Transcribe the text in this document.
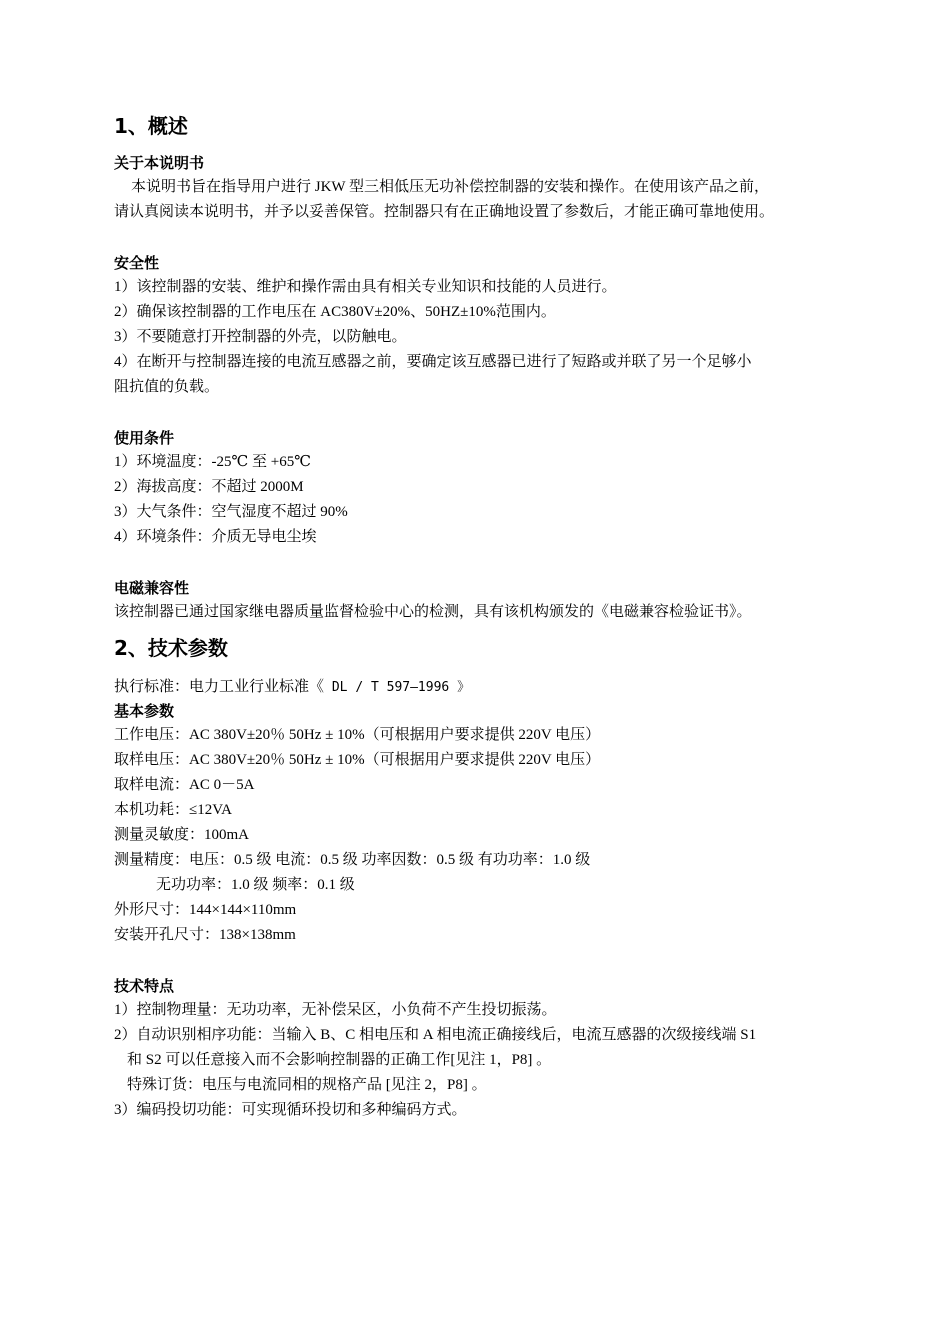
1、概述
关于本说明书
本说明书旨在指导用户进行 JKW 型三相低压无功补偿控制器的安装和操作。在使用该产品之前，
请认真阅读本说明书，并予以妥善保管。控制器只有在正确地设置了参数后，才能正确可靠地使用。
安全性
1）该控制器的安装、维护和操作需由具有相关专业知识和技能的人员进行。
2）确保该控制器的工作电压在 AC380V±20%、50HZ±10%范围内。
3）不要随意打开控制器的外壳，以防触电。
4）在断开与控制器连接的电流互感器之前，要确定该互感器已进行了短路或并联了另一个足够小
阻抗值的负载。
使用条件
1）环境温度：-25℃ 至 +65℃
2）海拔高度：不超过 2000M
3）大气条件：空气湿度不超过 90%
4）环境条件：介质无导电尘埃
电磁兼容性
该控制器已通过国家继电器质量监督检验中心的检测，具有该机构颁发的《电磁兼容检验证书》。
2、技术参数
执行标准：电力工业行业标准《 DL / T 597—1996 》
基本参数
工作电压：AC 380V±20％ 50Hz ± 10%（可根据用户要求提供 220V 电压）
取样电压：AC 380V±20％ 50Hz ± 10%（可根据用户要求提供 220V 电压）
取样电流：AC 0－5A
本机功耗：≤12VA
测量灵敏度：100mA
测量精度：电压：0.5 级 电流：0.5 级 功率因数：0.5 级 有功功率：1.0 级
无功功率：1.0 级 频率：0.1 级
外形尺寸：144×144×110mm
安装开孔尺寸：138×138mm
技术特点
1）控制物理量：无功功率，无补偿呆区，小负荷不产生投切振荡。
2）自动识别相序功能：当输入 B、C 相电压和 A 相电流正确接线后，电流互感器的次级接线端 S1
和 S2 可以任意接入而不会影响控制器的正确工作[见注 1，P8] 。
特殊订货：电压与电流同相的规格产品 [见注 2，P8] 。
3）编码投切功能：可实现循环投切和多种编码方式。
